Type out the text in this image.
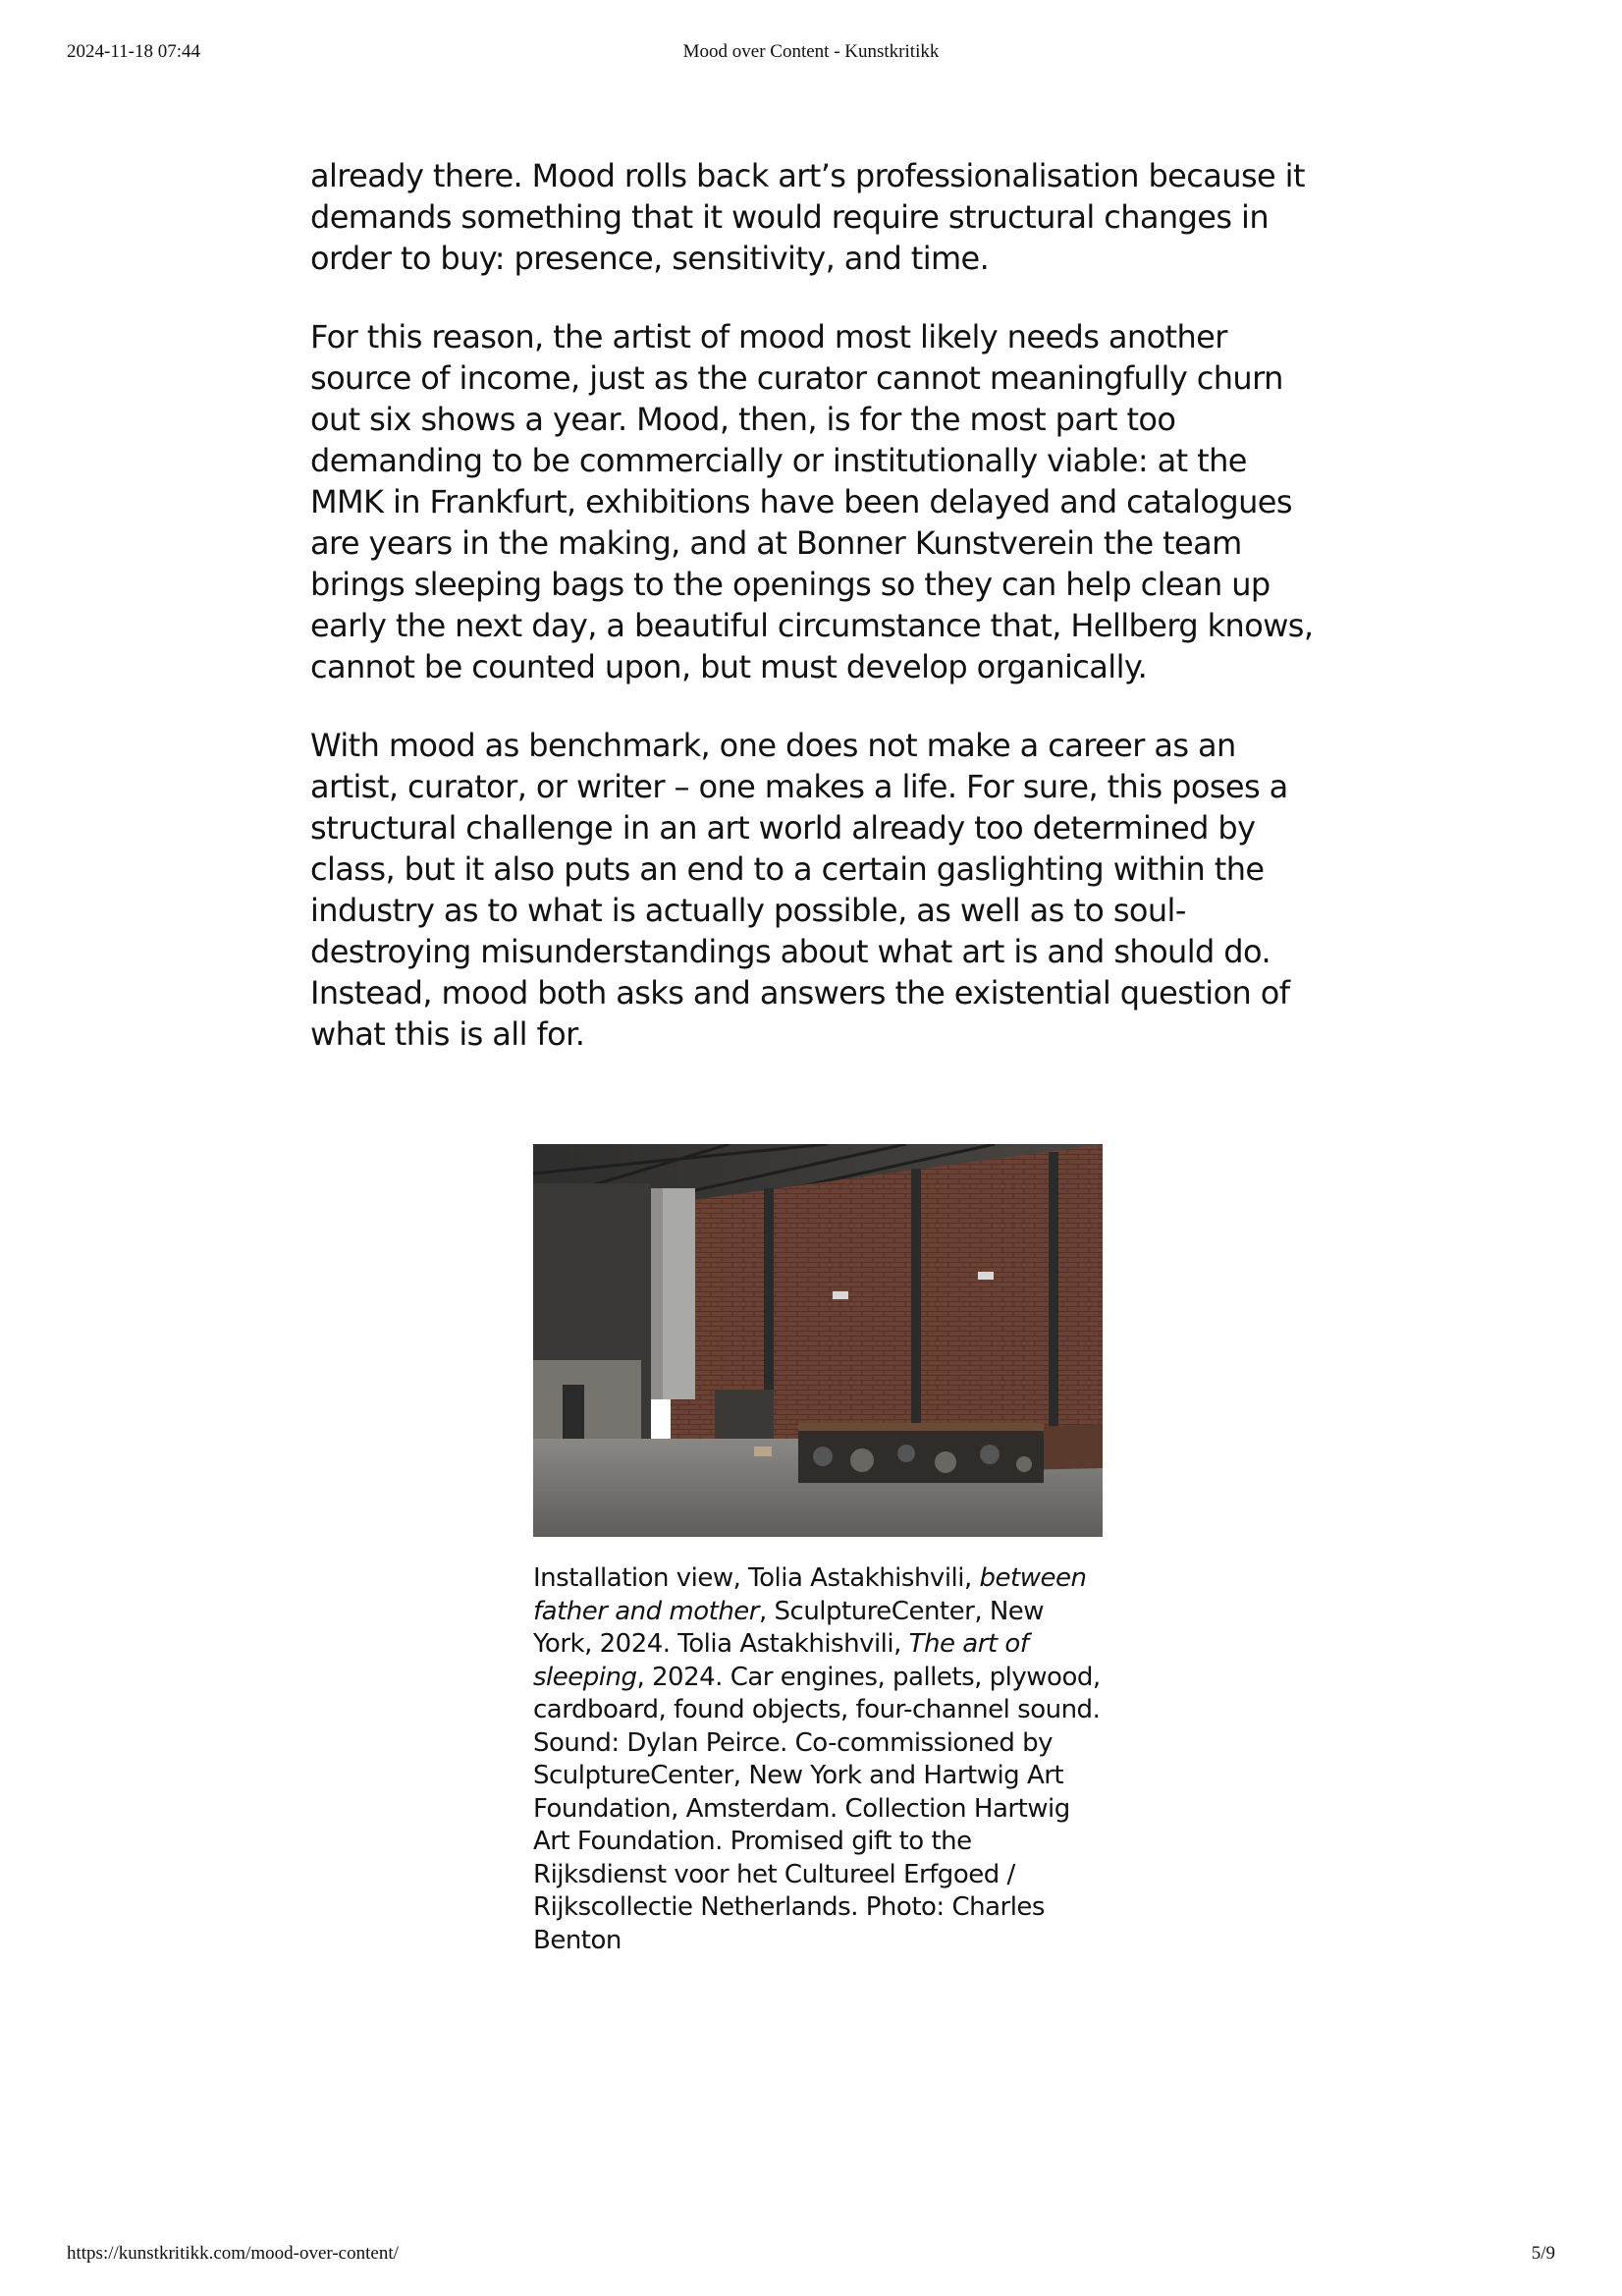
2024-11-18 07:44	Mood over Content - Kunstkritikk

already there. Mood rolls back art’s professionalisation because it demands something that it would require structural changes in order to buy: presence, sensitivity, and time.

For this reason, the artist of mood most likely needs another source of income, just as the curator cannot meaningfully churn out six shows a year. Mood, then, is for the most part too demanding to be commercially or institutionally viable: at the MMK in Frankfurt, exhibitions have been delayed and catalogues are years in the making, and at Bonner Kunstverein the team brings sleeping bags to the openings so they can help clean up early the next day, a beautiful circumstance that, Hellberg knows, cannot be counted upon, but must develop organically.

With mood as benchmark, one does not make a career as an artist, curator, or writer – one makes a life. For sure, this poses a structural challenge in an art world already too determined by class, but it also puts an end to a certain gaslighting within the industry as to what is actually possible, as well as to soul-destroying misunderstandings about what art is and should do. Instead, mood both asks and answers the existential question of what this is all for.

Installation view, Tolia Astakhishvili, between father and mother, SculptureCenter, New York, 2024. Tolia Astakhishvili, The art of sleeping, 2024. Car engines, pallets, plywood, cardboard, found objects, four-channel sound. Sound: Dylan Peirce. Co-commissioned by SculptureCenter, New York and Hartwig Art Foundation, Amsterdam. Collection Hartwig Art Foundation. Promised gift to the Rijksdienst voor het Cultureel Erfgoed / Rijkscollectie Netherlands. Photo: Charles Benton
https://kunstkritikk.com/mood-over-content/	5/9
